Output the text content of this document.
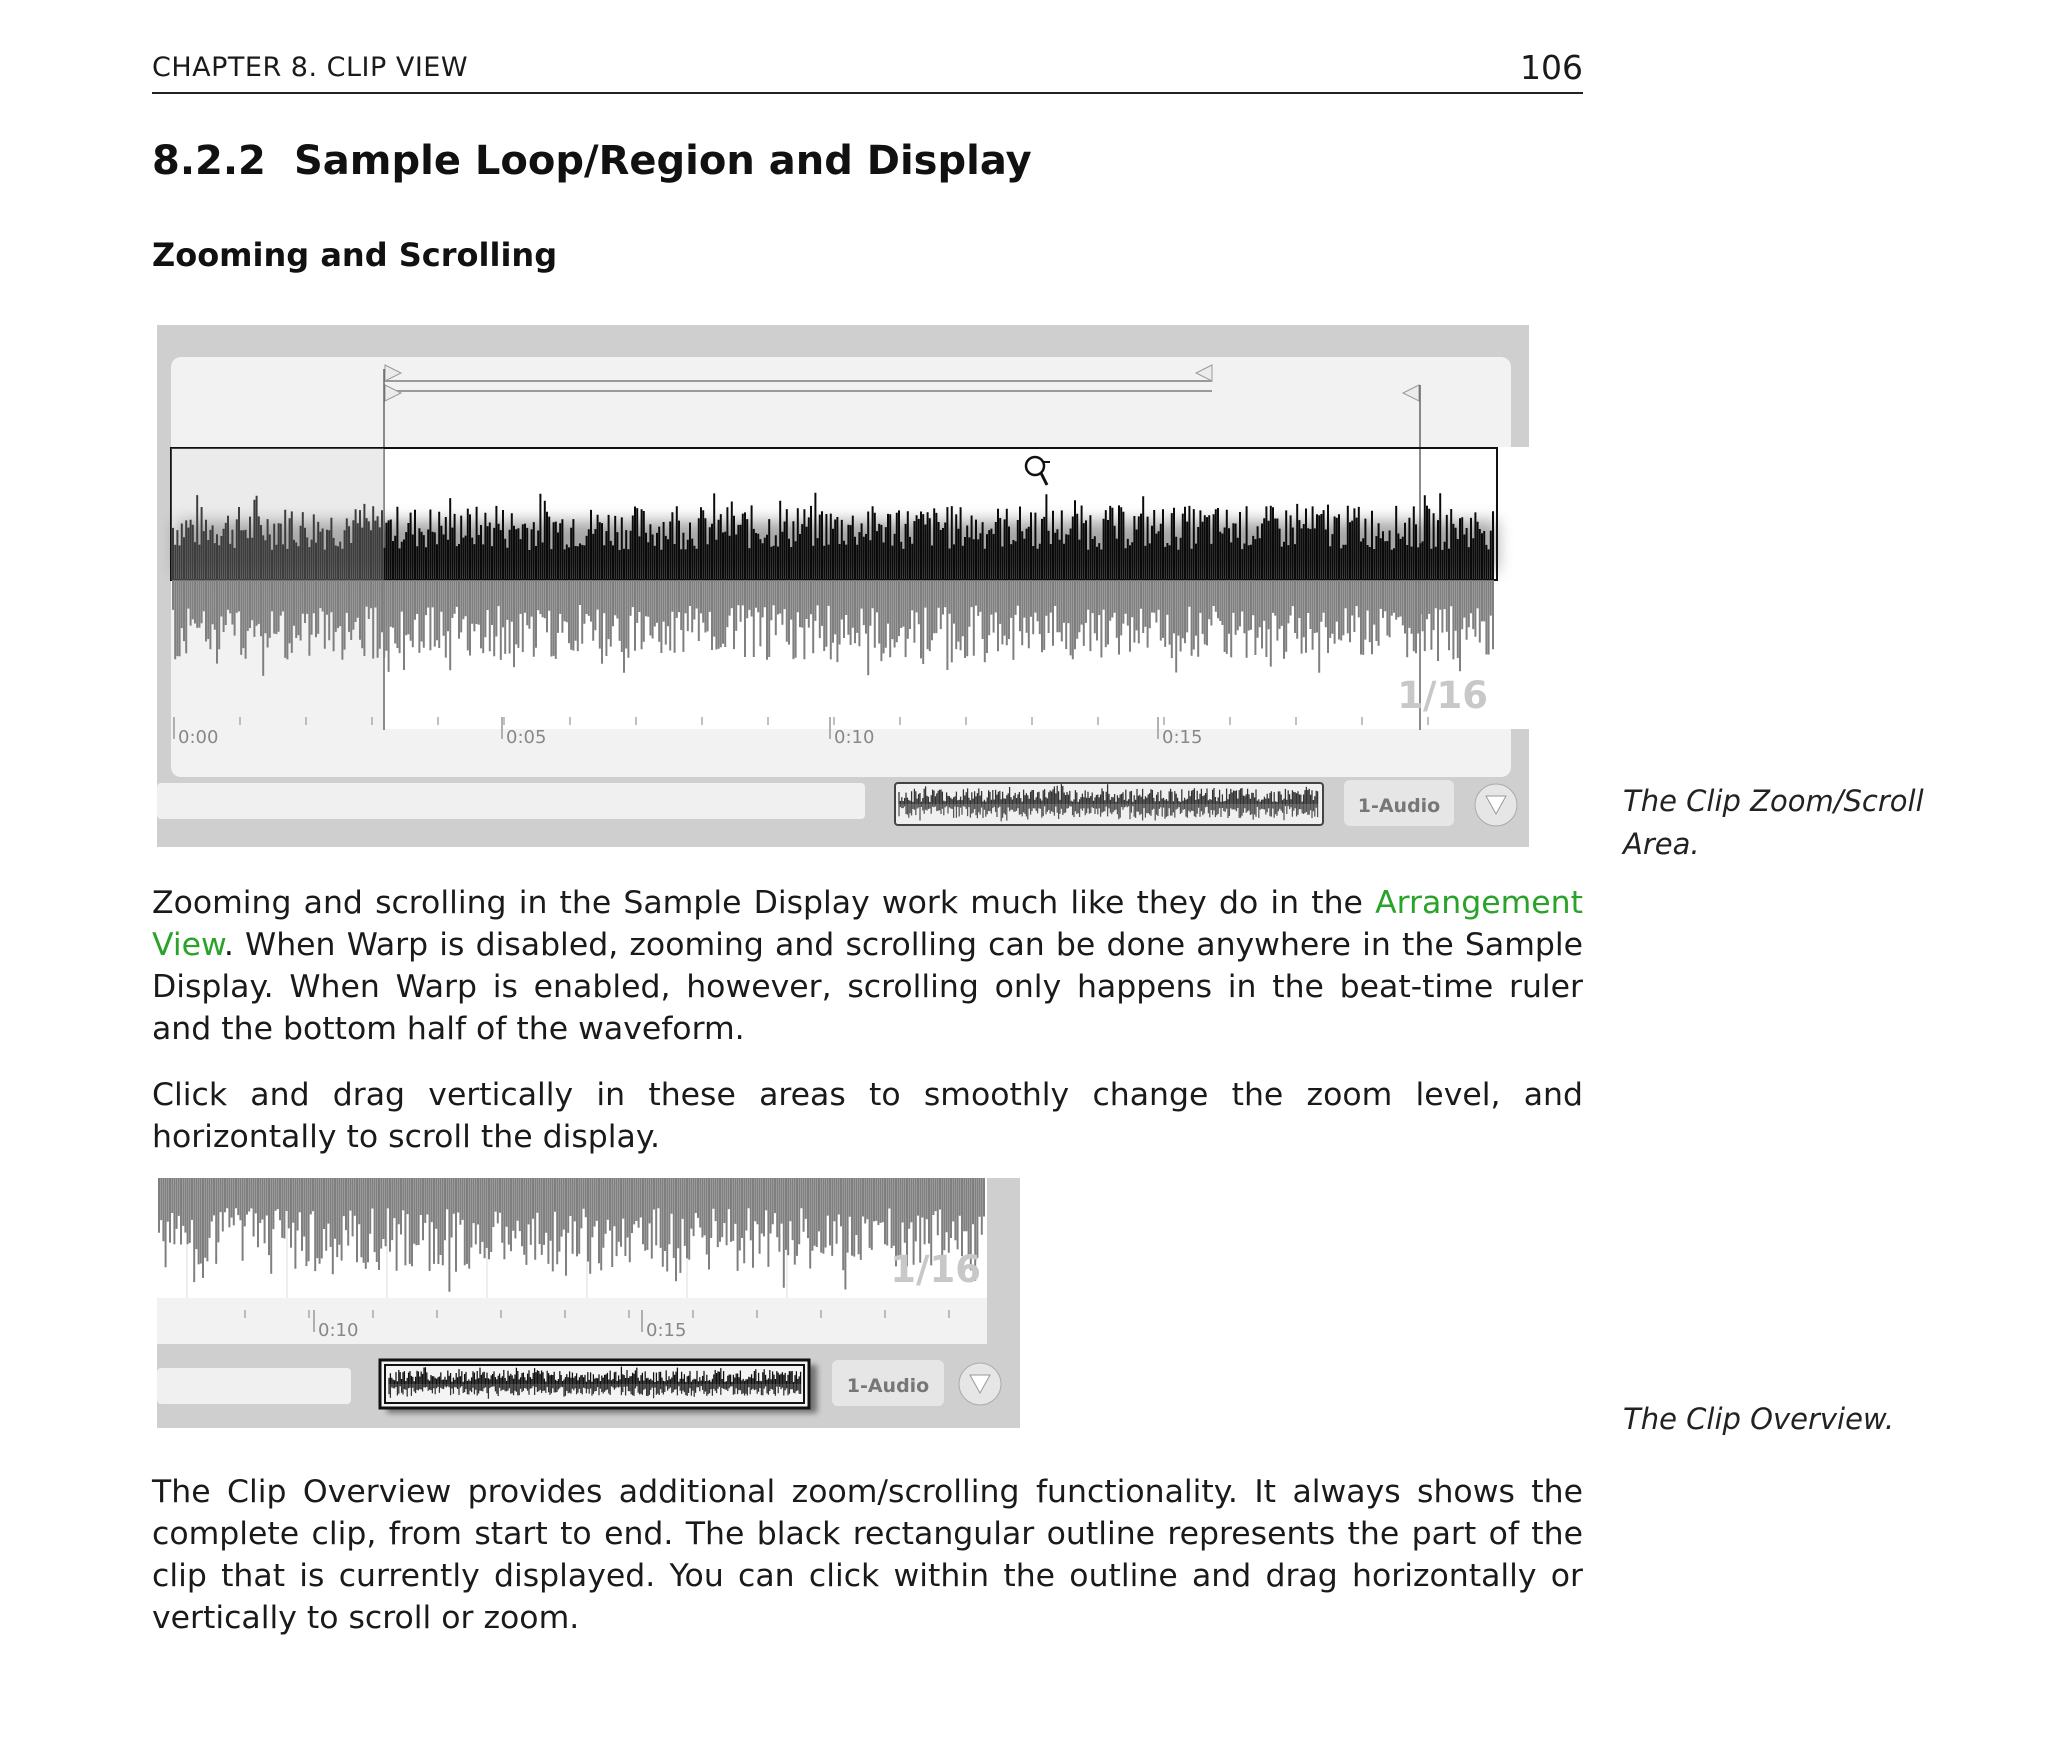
CHAPTER 8. CLIP VIEW	106
8.2.2 Sample Loop/Region and Display
Zooming and Scrolling
1/16
0:00	0:05	0:10	0:15
1-Audio	The Clip Zoom/Scroll Area.
Zooming and scrolling in the Sample Display work much like they do in the Arrangement View. When Warp is disabled, zooming and scrolling can be done anywhere in the Sample Display. When Warp is enabled, however, scrolling only happens in the beat-time ruler and the bottom half of the waveform.
Click and drag vertically in these areas to smoothly change the zoom level, and horizontally to scroll the display.
1/16
0:10	0:15
1-Audio
The Clip Overview.
The Clip Overview provides additional zoom/scrolling functionality. It always shows the complete clip, from start to end. The black rectangular outline represents the part of the clip that is currently displayed. You can click within the outline and drag horizontally or vertically to scroll or zoom.
